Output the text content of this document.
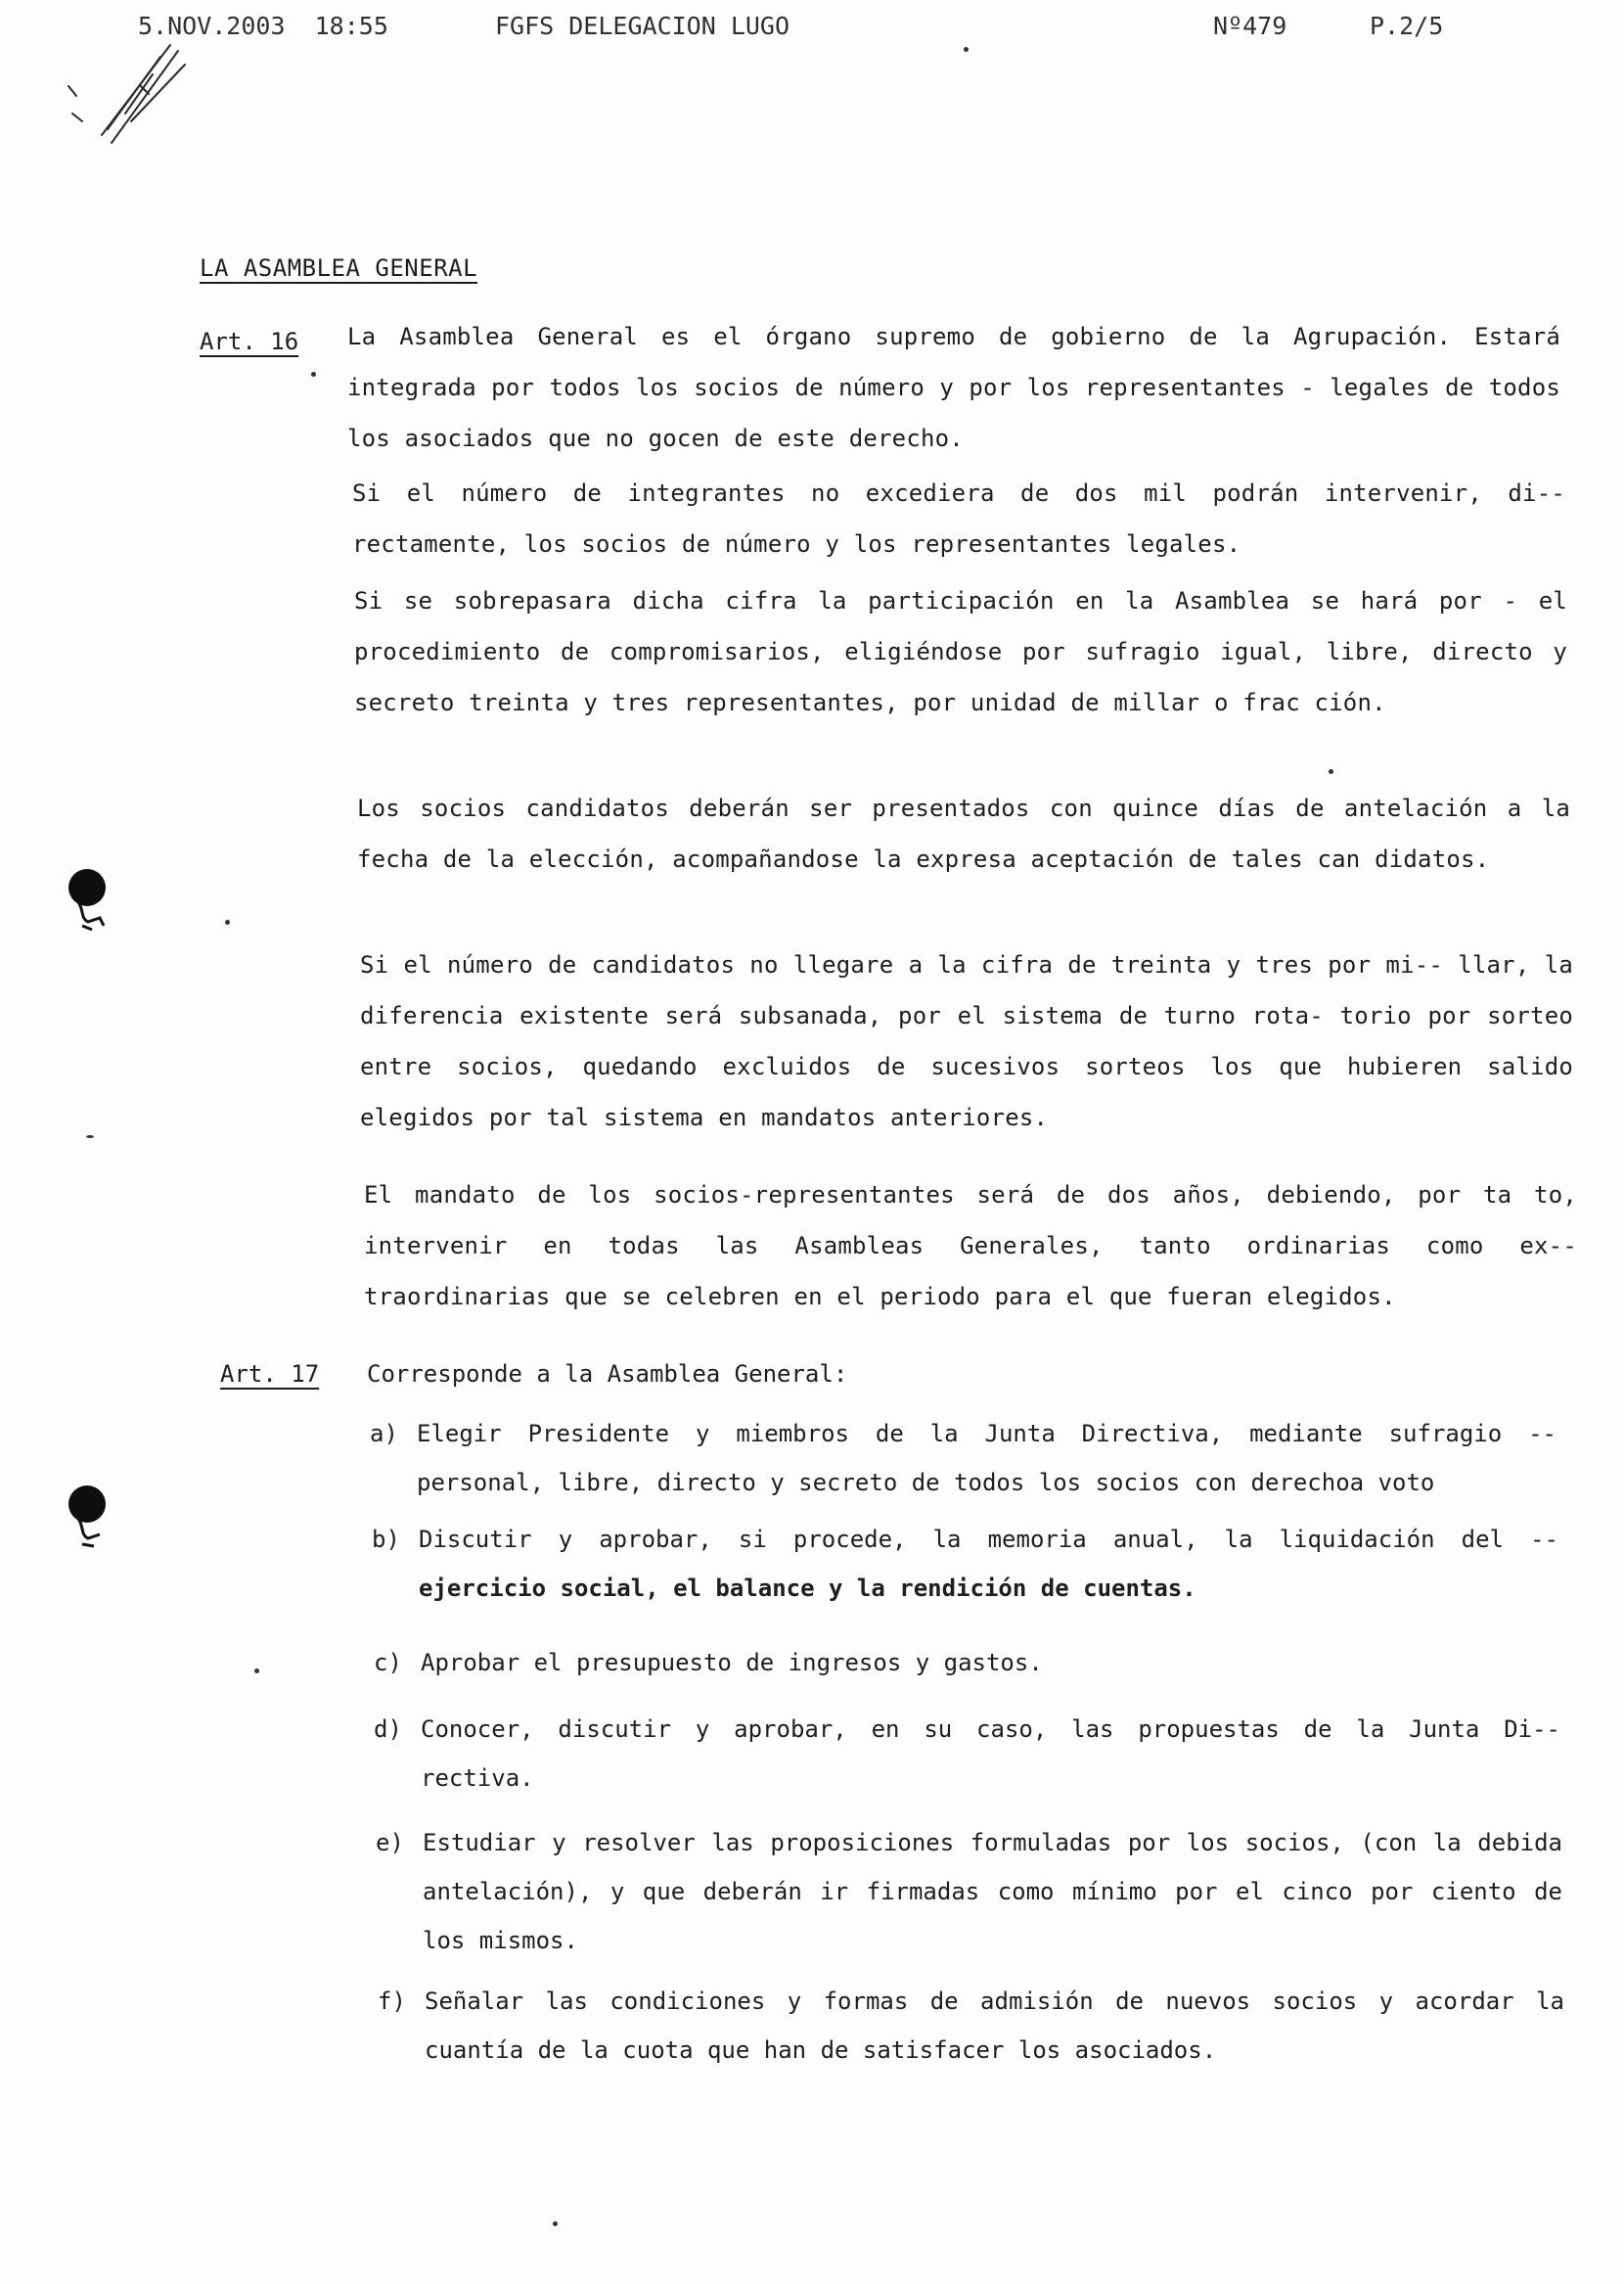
5.NOV.2003 18:55	FGFS DELEGACION LUGO	Nº479	P.2/5
LA ASAMBLEA GENERAL
Art. 16 La Asamblea General es el órgano supremo de gobierno de la Agrupación. Estará integrada por todos los socios de número y por los representantes - legales de todos los asociados que no gocen de este derecho.
Si el número de integrantes no excediera de dos mil podrán intervenir, di-- rectamente, los socios de número y los representantes legales.
Si se sobrepasara dicha cifra la participación en la Asamblea se hará por - el procedimiento de compromisarios, eligiéndose por sufragio igual, libre, directo y secreto treinta y tres representantes, por unidad de millar o frac ción.
Los socios candidatos deberán ser presentados con quince días de antelación a la fecha de la elección, acompañandose la expresa aceptación de tales can didatos.
Si el número de candidatos no llegare a la cifra de treinta y tres por mi-- llar, la diferencia existente será subsanada, por el sistema de turno rota- torio por sorteo entre socios, quedando excluidos de sucesivos sorteos los que hubieren salido elegidos por tal sistema en mandatos anteriores.
El mandato de los socios-representantes será de dos años, debiendo, por ta to, intervenir en todas las Asambleas Generales, tanto ordinarias como ex-- traordinarias que se celebren en el periodo para el que fueran elegidos.
Art. 17 Corresponde a la Asamblea General:
a) Elegir Presidente y miembros de la Junta Directiva, mediante sufragio -- personal, libre, directo y secreto de todos los socios con derechoa voto
b) Discutir y aprobar, si procede, la memoria anual, la liquidación del -- ejercicio social, el balance y la rendición de cuentas.
c) Aprobar el presupuesto de ingresos y gastos.
d) Conocer, discutir y aprobar, en su caso, las propuestas de la Junta Di-- rectiva.
e) Estudiar y resolver las proposiciones formuladas por los socios, (con la debida antelación), y que deberán ir firmadas como mínimo por el cinco por ciento de los mismos.
f) Señalar las condiciones y formas de admisión de nuevos socios y acordar la cuantía de la cuota que han de satisfacer los asociados.
